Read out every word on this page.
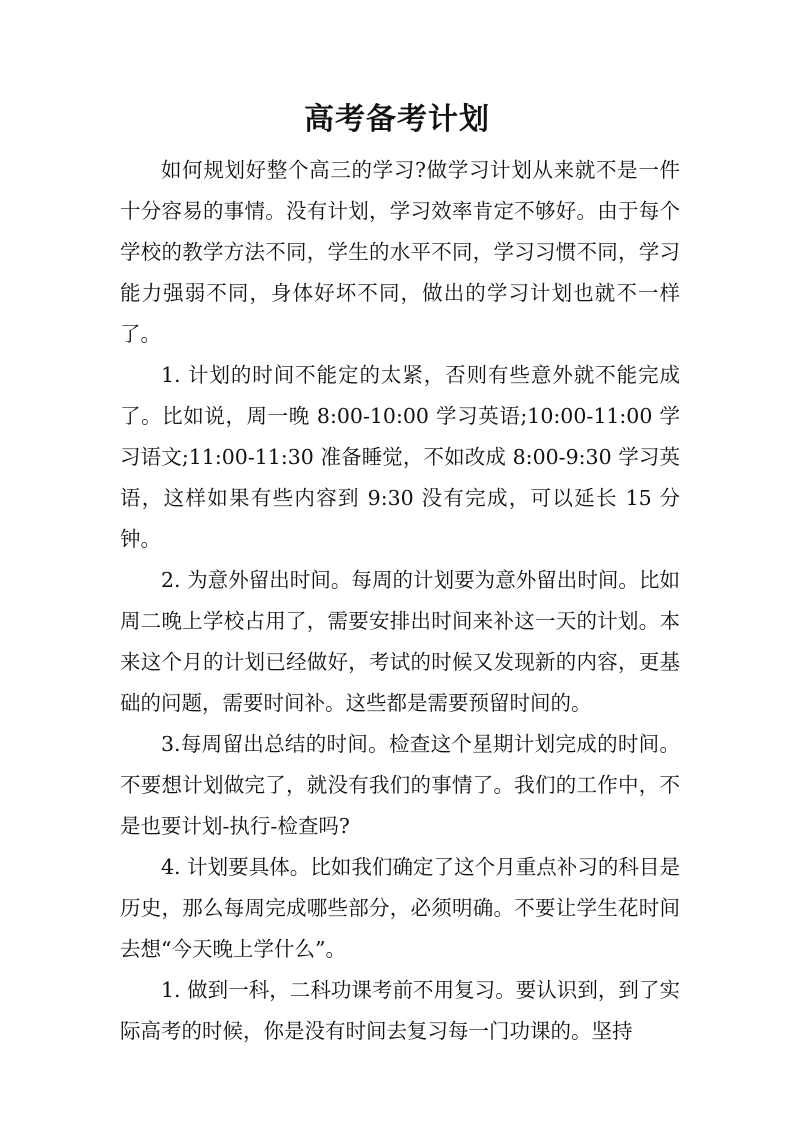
高考备考计划

如何规划好整个高三的学习?做学习计划从来就不是一件十分容易的事情。没有计划，学习效率肯定不够好。由于每个学校的教学方法不同，学生的水平不同，学习习惯不同，学习能力强弱不同，身体好坏不同，做出的学习计划也就不一样了。

1. 计划的时间不能定的太紧，否则有些意外就不能完成了。比如说，周一晚 8:00-10:00 学习英语;10:00-11:00 学习语文;11:00-11:30 准备睡觉，不如改成 8:00-9:30 学习英语，这样如果有些内容到 9:30 没有完成，可以延长 15 分钟。

2. 为意外留出时间。每周的计划要为意外留出时间。比如周二晚上学校占用了，需要安排出时间来补这一天的计划。本来这个月的计划已经做好，考试的时候又发现新的内容，更基础的问题，需要时间补。这些都是需要预留时间的。

3.每周留出总结的时间。检查这个星期计划完成的时间。不要想计划做完了，就没有我们的事情了。我们的工作中，不是也要计划-执行-检查吗?

4. 计划要具体。比如我们确定了这个月重点补习的科目是历史，那么每周完成哪些部分，必须明确。不要让学生花时间去想“今天晚上学什么”。

1. 做到一科，二科功课考前不用复习。要认识到，到了实际高考的时候，你是没有时间去复习每一门功课的。坚持
